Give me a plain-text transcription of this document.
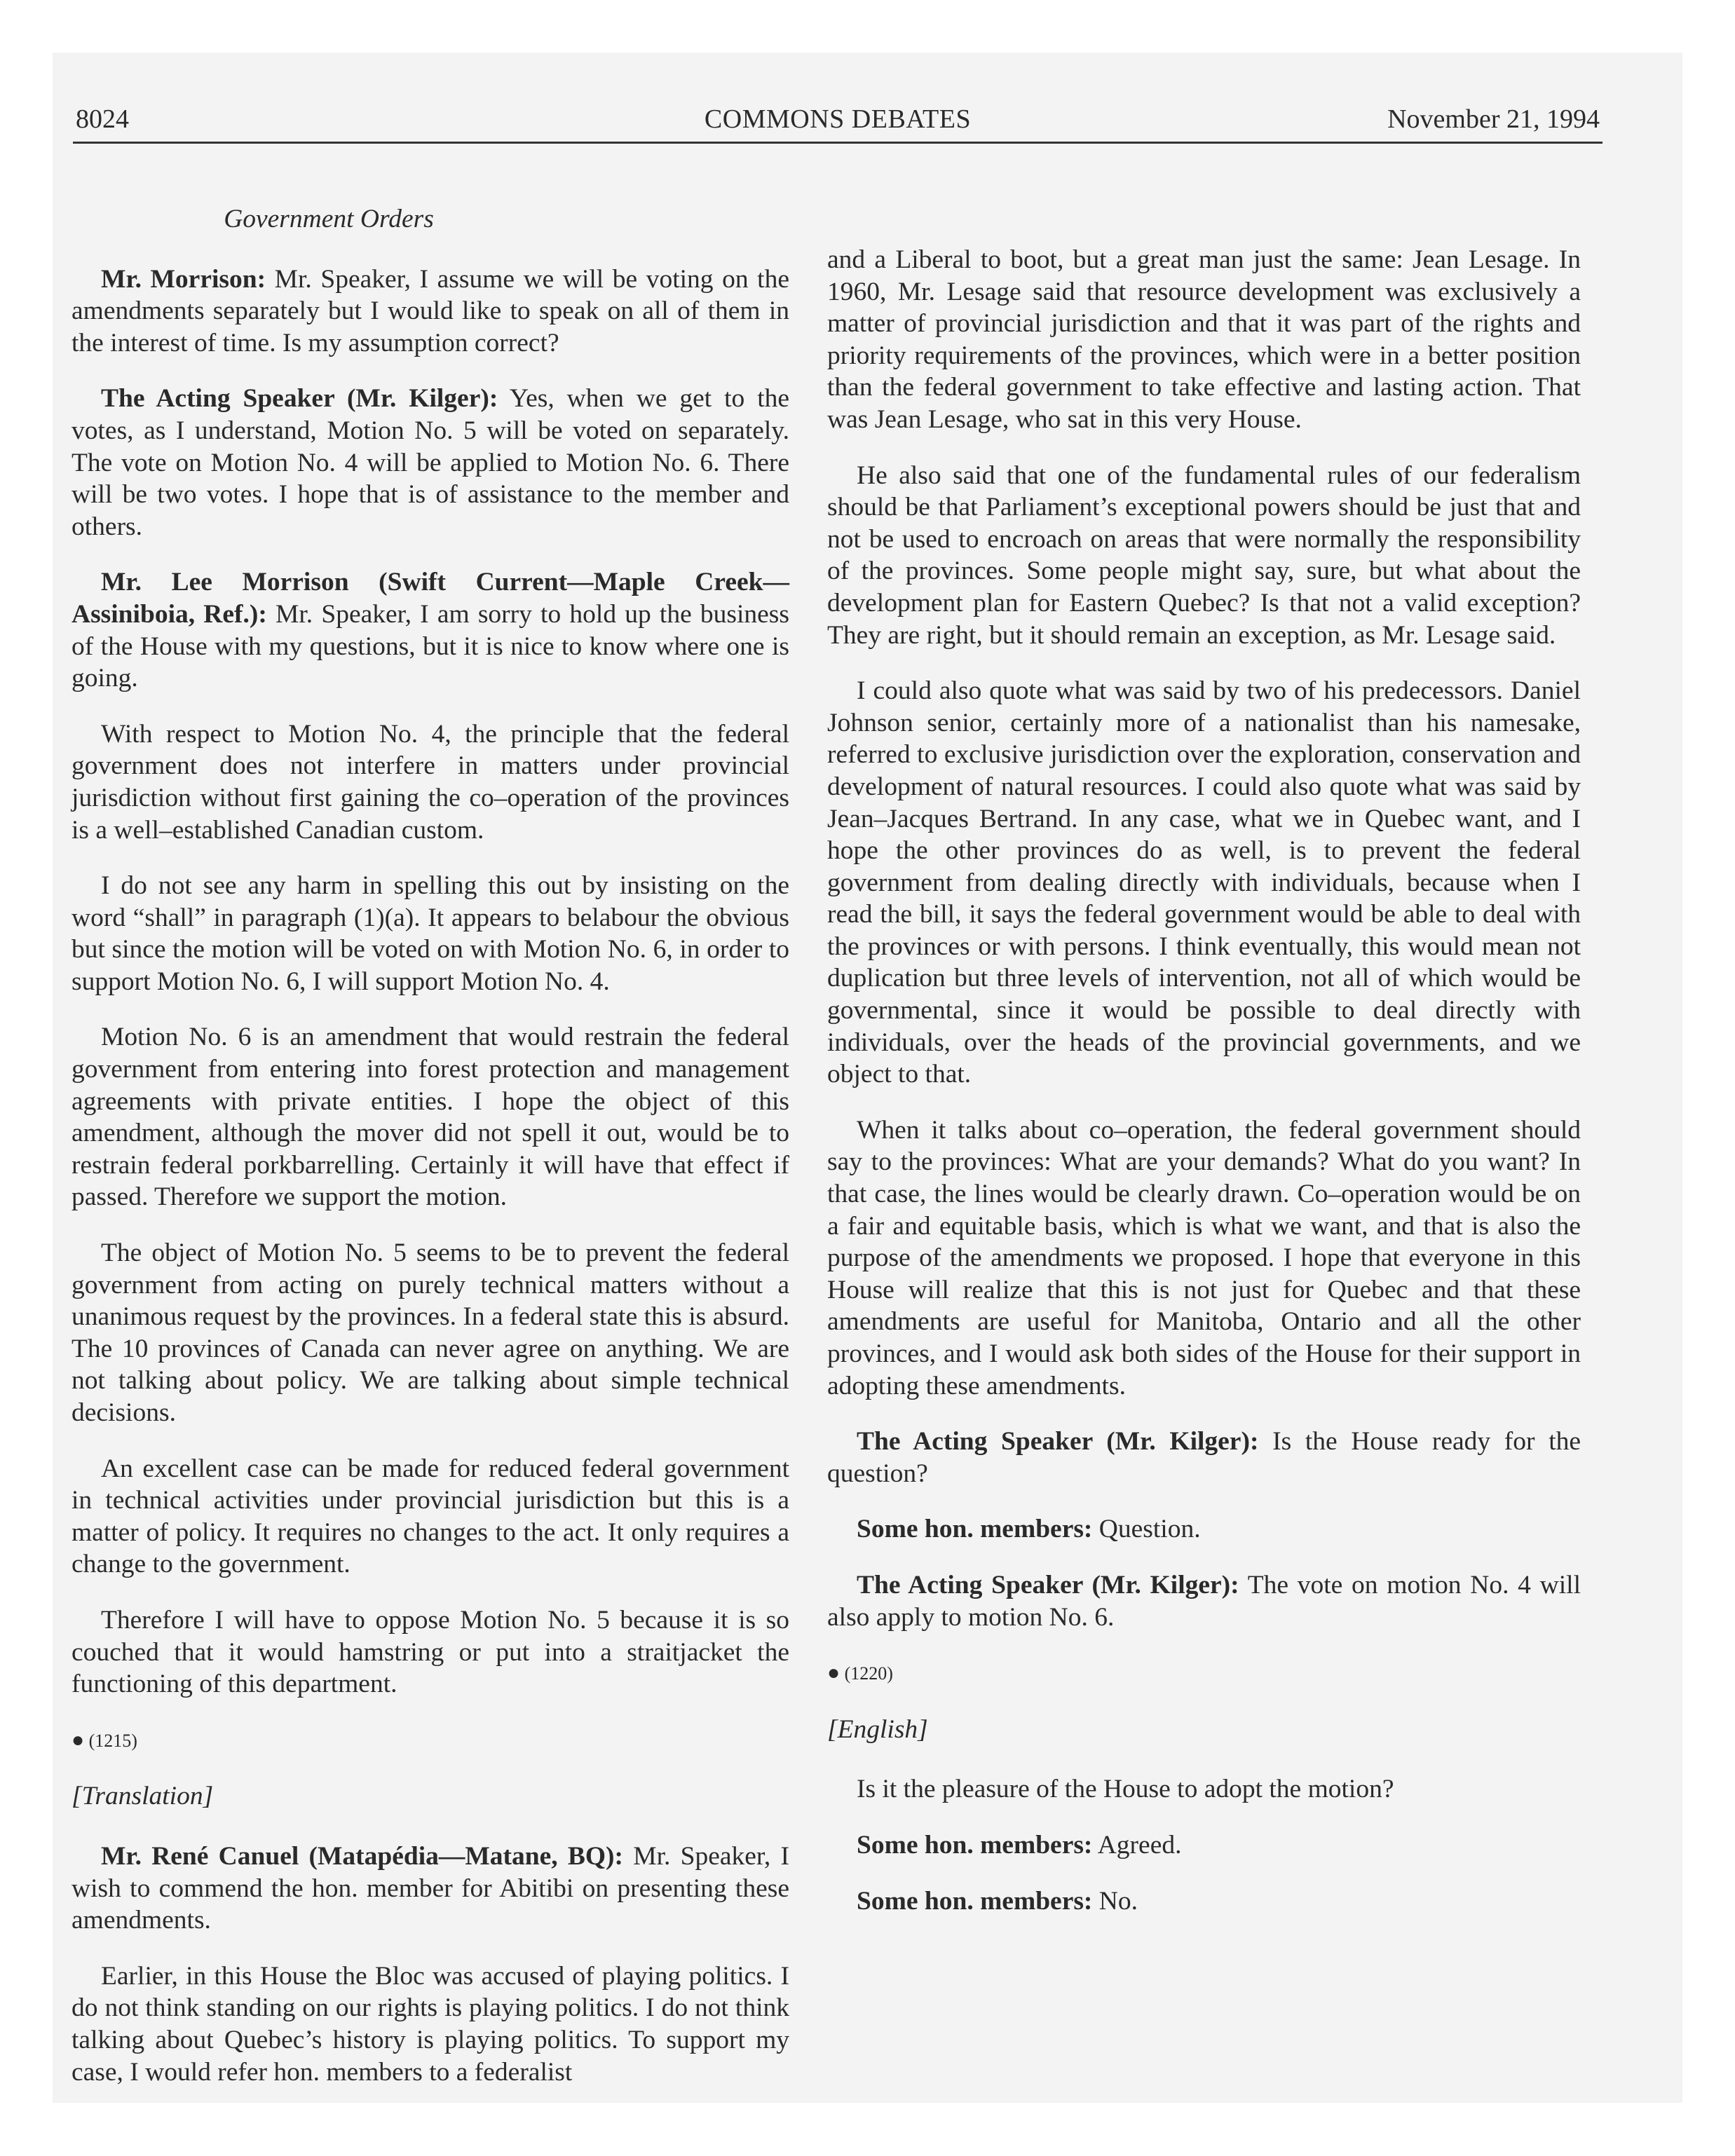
8024	COMMONS DEBATES	November 21, 1994
Government Orders

Mr. Morrison: Mr. Speaker, I assume we will be voting on the amendments separately but I would like to speak on all of them in the interest of time. Is my assumption correct?

The Acting Speaker (Mr. Kilger): Yes, when we get to the votes, as I understand, Motion No. 5 will be voted on separately. The vote on Motion No. 4 will be applied to Motion No. 6. There will be two votes. I hope that is of assistance to the member and others.

Mr. Lee Morrison (Swift Current—Maple Creek—Assiniboia, Ref.): Mr. Speaker, I am sorry to hold up the business of the House with my questions, but it is nice to know where one is going.

With respect to Motion No. 4, the principle that the federal government does not interfere in matters under provincial jurisdiction without first gaining the co–operation of the provinces is a well–established Canadian custom.

I do not see any harm in spelling this out by insisting on the word “shall” in paragraph (1)(a). It appears to belabour the obvious but since the motion will be voted on with Motion No. 6, in order to support Motion No. 6, I will support Motion No. 4.

Motion No. 6 is an amendment that would restrain the federal government from entering into forest protection and management agreements with private entities. I hope the object of this amendment, although the mover did not spell it out, would be to restrain federal porkbarrelling. Certainly it will have that effect if passed. Therefore we support the motion.

The object of Motion No. 5 seems to be to prevent the federal government from acting on purely technical matters without a unanimous request by the provinces. In a federal state this is absurd. The 10 provinces of Canada can never agree on anything. We are not talking about policy. We are talking about simple technical decisions.

An excellent case can be made for reduced federal government in technical activities under provincial jurisdiction but this is a matter of policy. It requires no changes to the act. It only requires a change to the government.

Therefore I will have to oppose Motion No. 5 because it is so couched that it would hamstring or put into a straitjacket the functioning of this department.

● (1215)
[Translation]

Mr. René Canuel (Matapédia—Matane, BQ): Mr. Speaker, I wish to commend the hon. member for Abitibi on presenting these amendments.

Earlier, in this House the Bloc was accused of playing politics. I do not think standing on our rights is playing politics. I do not think talking about Quebec’s history is playing politics. To support my case, I would refer hon. members to a federalist

and a Liberal to boot, but a great man just the same: Jean Lesage. In 1960, Mr. Lesage said that resource development was exclusively a matter of provincial jurisdiction and that it was part of the rights and priority requirements of the provinces, which were in a better position than the federal government to take effective and lasting action. That was Jean Lesage, who sat in this very House.

He also said that one of the fundamental rules of our federalism should be that Parliament’s exceptional powers should be just that and not be used to encroach on areas that were normally the responsibility of the provinces. Some people might say, sure, but what about the development plan for Eastern Quebec? Is that not a valid exception? They are right, but it should remain an exception, as Mr. Lesage said.

I could also quote what was said by two of his predecessors. Daniel Johnson senior, certainly more of a nationalist than his namesake, referred to exclusive jurisdiction over the exploration, conservation and development of natural resources. I could also quote what was said by Jean–Jacques Bertrand. In any case, what we in Quebec want, and I hope the other provinces do as well, is to prevent the federal government from dealing directly with individuals, because when I read the bill, it says the federal government would be able to deal with the provinces or with persons. I think eventually, this would mean not duplication but three levels of intervention, not all of which would be governmental, since it would be possible to deal directly with individuals, over the heads of the provincial governments, and we object to that.

When it talks about co–operation, the federal government should say to the provinces: What are your demands? What do you want? In that case, the lines would be clearly drawn. Co–operation would be on a fair and equitable basis, which is what we want, and that is also the purpose of the amendments we proposed. I hope that everyone in this House will realize that this is not just for Quebec and that these amendments are useful for Manitoba, Ontario and all the other provinces, and I would ask both sides of the House for their support in adopting these amendments.

The Acting Speaker (Mr. Kilger): Is the House ready for the question?

Some hon. members: Question.

The Acting Speaker (Mr. Kilger): The vote on motion No. 4 will also apply to motion No. 6.

● (1220)
[English]

Is it the pleasure of the House to adopt the motion?

Some hon. members: Agreed.

Some hon. members: No.
